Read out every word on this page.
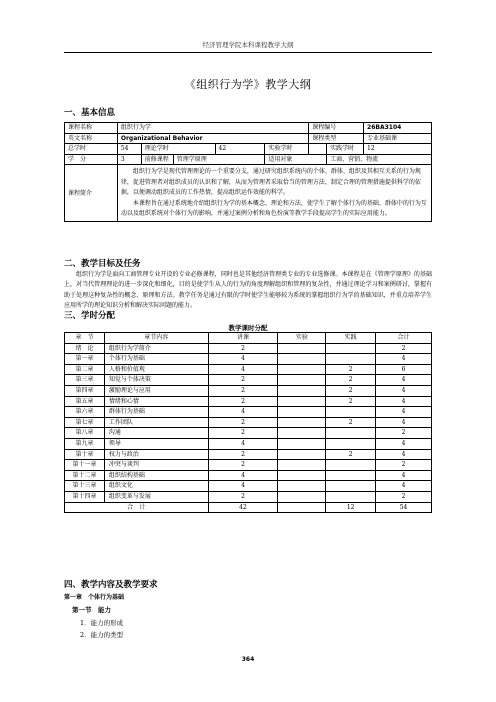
经济管理学院本科课程教学大纲
《组织行为学》教学大纲
一、基本信息
课程名称	组织行为学					课程编号		26BA3104
英文名称	Organizational Behavior					课程类型		专业基础课
总学时	54	理论学时		42	实验学时		实践学时	12
学　分	3	前修课程	管理学原理		适用对象		工商、营销、物流	
课程简介	组织行为学是现代管理理论的一个重要分支，通过研究组织系统内的个体、群体、组织及其相互关系的行为规律，促进管理者对组织成员的认识和了解，从而为管理者采取恰当的管理方法、制定合理的管理措施提供科学的依据，以便调动组织成员的工作热情，提高组织运作效能的科学。
本课程旨在通过系统地介绍组织行为学的基本概念、理论和方法，使学生了解个体行为的基础、群体中的行为互动以及组织系统对个体行为的影响，并通过案例分析和角色扮演等教学手段提高学生的实际应用能力。							
二、教学目标及任务
组织行为学是面向工商管理专业开设的专业必修课程，同时也是其他经济管理类专业的专业选修课。本课程是在《管理学原理》的基础上，对当代管理理论的进一步深化和细化，目的是使学生从人的行为的角度理解组织和管理的复杂性，并通过理论学习和案例研讨，掌握有助于处理这种复杂性的概念、原理和方法。教学任务是通过有限的学时使学生能够较为系统的掌握组织行为学的基础知识，并重点培养学生应用所学的理论知识分析和解决实际问题的能力。
三、学时分配
教学课时分配
章　节	章节内容	讲课	实验	实践	合计
绪　论	组织行为学简介	2			2
第一章	个体行为基础	4			4
第二章	人格和价值观	4		2	6
第三章	知觉与个体决策	2		2	4
第四章	激励理论与应用	2		2	4
第五章	情绪和心情	2		2	4
第六章	群体行为基础	4			4
第七章	工作团队	2		2	4
第八章	沟通	2			2
第九章	领导	4			4
第十章	权力与政治	2		2	4
第十一章	冲突与谈判	2			2
第十二章	组织结构基础	4			4
第十三章	组织文化	4			4
第十四章	组织变革与发展	2			2
合　计		42		12	54
四、教学内容及教学要求
第一章　个体行为基础
第一节　能力
1．能力的形成
2．能力的类型
364
